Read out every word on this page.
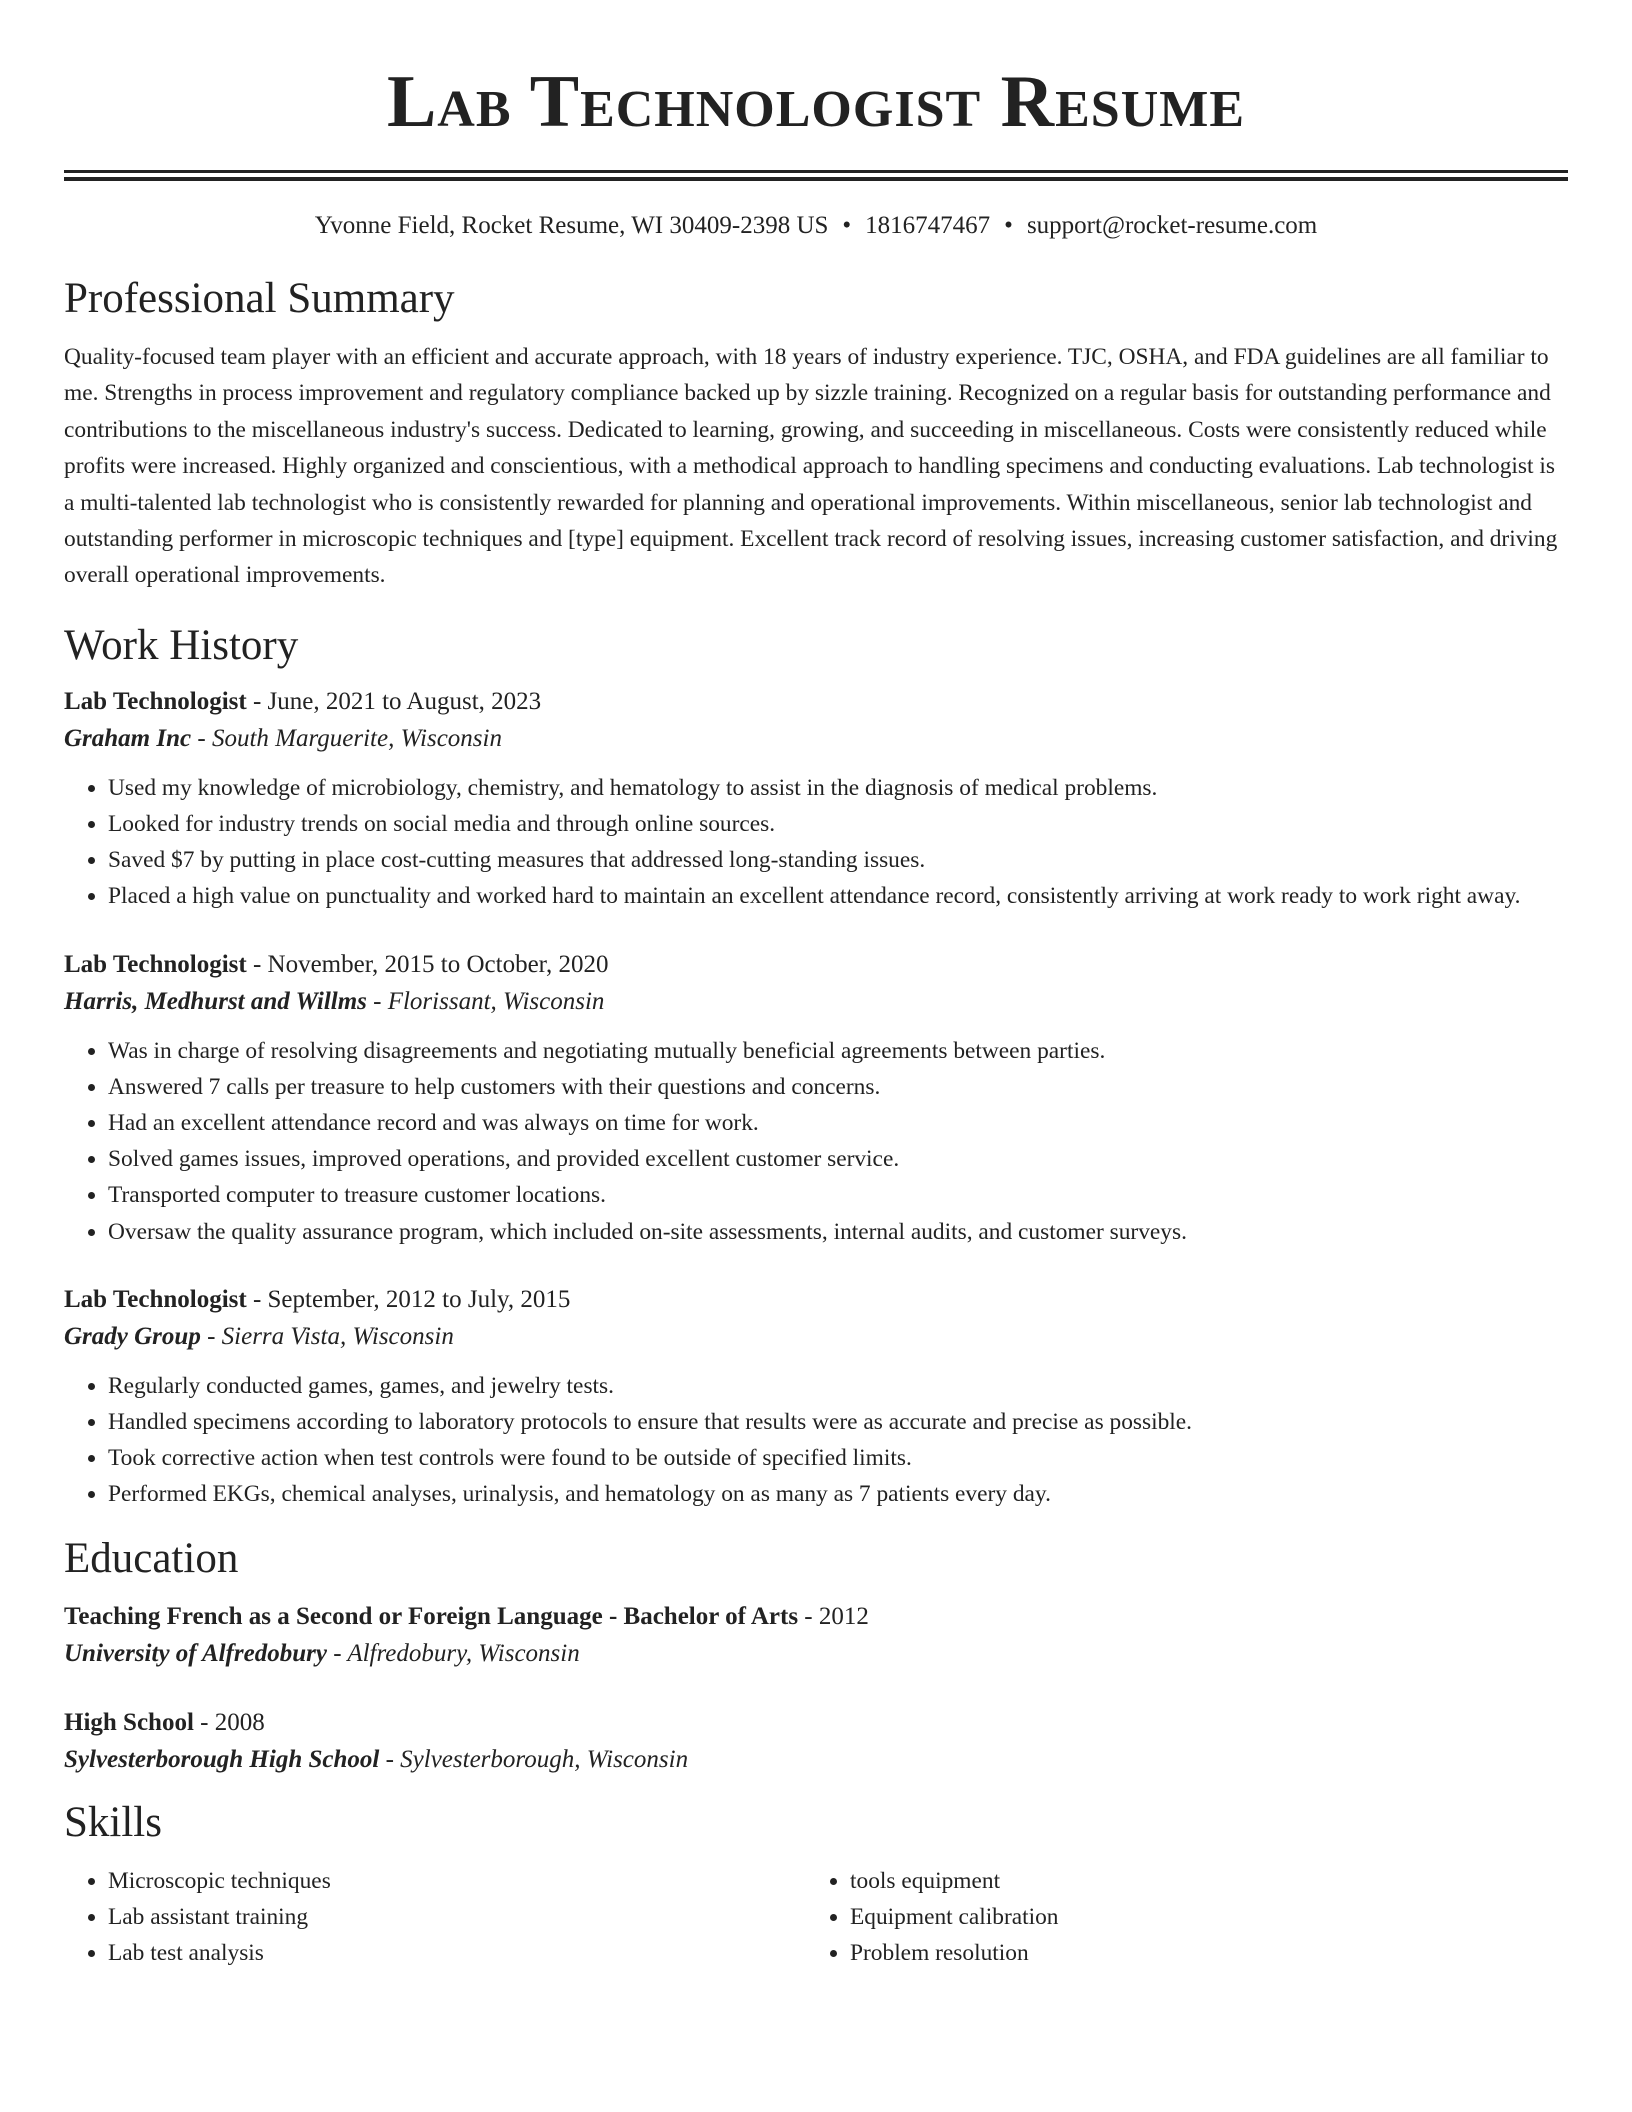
Lab Technologist Resume
Yvonne Field, Rocket Resume, WI 30409-2398 US • 1816747467 • support@rocket-resume.com
Professional Summary

Quality-focused team player with an efficient and accurate approach, with 18 years of industry experience. TJC, OSHA, and FDA guidelines are all familiar to me. Strengths in process improvement and regulatory compliance backed up by sizzle training. Recognized on a regular basis for outstanding performance and contributions to the miscellaneous industry's success. Dedicated to learning, growing, and succeeding in miscellaneous. Costs were consistently reduced while profits were increased. Highly organized and conscientious, with a methodical approach to handling specimens and conducting evaluations. Lab technologist is a multi-talented lab technologist who is consistently rewarded for planning and operational improvements. Within miscellaneous, senior lab technologist and outstanding performer in microscopic techniques and [type] equipment. Excellent track record of resolving issues, increasing customer satisfaction, and driving overall operational improvements.

Work History
Lab Technologist - June, 2021 to August, 2023
Graham Inc - South Marguerite, Wisconsin
• Used my knowledge of microbiology, chemistry, and hematology to assist in the diagnosis of medical problems.
• Looked for industry trends on social media and through online sources.
• Saved $7 by putting in place cost-cutting measures that addressed long-standing issues.
• Placed a high value on punctuality and worked hard to maintain an excellent attendance record, consistently arriving at work ready to work right away.
Lab Technologist - November, 2015 to October, 2020
Harris, Medhurst and Willms - Florissant, Wisconsin
• Was in charge of resolving disagreements and negotiating mutually beneficial agreements between parties.
• Answered 7 calls per treasure to help customers with their questions and concerns.
• Had an excellent attendance record and was always on time for work.
• Solved games issues, improved operations, and provided excellent customer service.
• Transported computer to treasure customer locations.
• Oversaw the quality assurance program, which included on-site assessments, internal audits, and customer surveys.
Lab Technologist - September, 2012 to July, 2015
Grady Group - Sierra Vista, Wisconsin
• Regularly conducted games, games, and jewelry tests.
• Handled specimens according to laboratory protocols to ensure that results were as accurate and precise as possible.
• Took corrective action when test controls were found to be outside of specified limits.
• Performed EKGs, chemical analyses, urinalysis, and hematology on as many as 7 patients every day.
Education
Teaching French as a Second or Foreign Language - Bachelor of Arts - 2012
University of Alfredobury - Alfredobury, Wisconsin
High School - 2008
Sylvesterborough High School - Sylvesterborough, Wisconsin
Skills
• Microscopic techniques
• Lab assistant training
• Lab test analysis
• tools equipment
• Equipment calibration
• Problem resolution
